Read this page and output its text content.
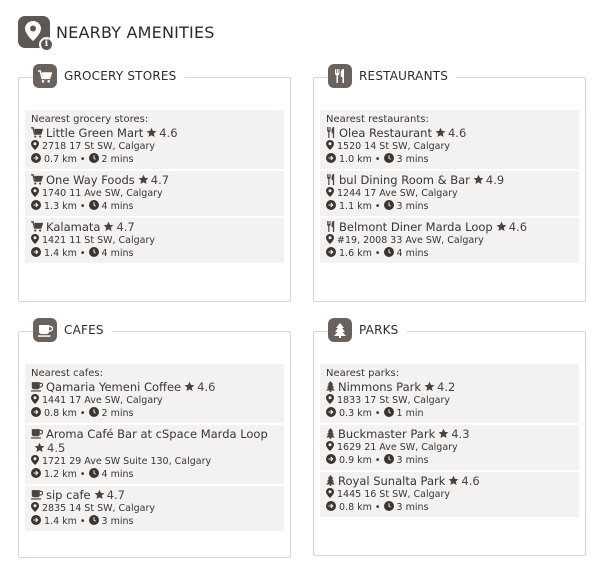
i
NEARBY AMENITIES
GROCERY STORES
Nearest grocery stores:
Little Green Mart 4.6
2718 17 St SW, Calgary
0.7 km • 2 mins
One Way Foods 4.7
1740 11 Ave SW, Calgary
1.3 km • 4 mins
Kalamata 4.7
1421 11 St SW, Calgary
1.4 km • 4 mins
RESTAURANTS
Nearest restaurants:
Olea Restaurant 4.6
1520 14 St SW, Calgary
1.0 km • 3 mins
bul Dining Room & Bar 4.9
1244 17 Ave SW, Calgary
1.1 km • 3 mins
Belmont Diner Marda Loop 4.6
#19, 2008 33 Ave SW, Calgary
1.6 km • 4 mins
CAFES
Nearest cafes:
Qamaria Yemeni Coffee 4.6
1441 17 Ave SW, Calgary
0.8 km • 2 mins
Aroma Café Bar at cSpace Marda Loop4.5
1721 29 Ave SW Suite 130, Calgary
1.2 km • 4 mins
sip cafe 4.7
2835 14 St SW, Calgary
1.4 km • 3 mins
PARKS
Nearest parks:
Nimmons Park 4.2
1833 17 St SW, Calgary
0.3 km • 1 min
Buckmaster Park 4.3
1629 21 Ave SW, Calgary
0.9 km • 3 mins
Royal Sunalta Park 4.6
1445 16 St SW, Calgary
0.8 km • 3 mins
